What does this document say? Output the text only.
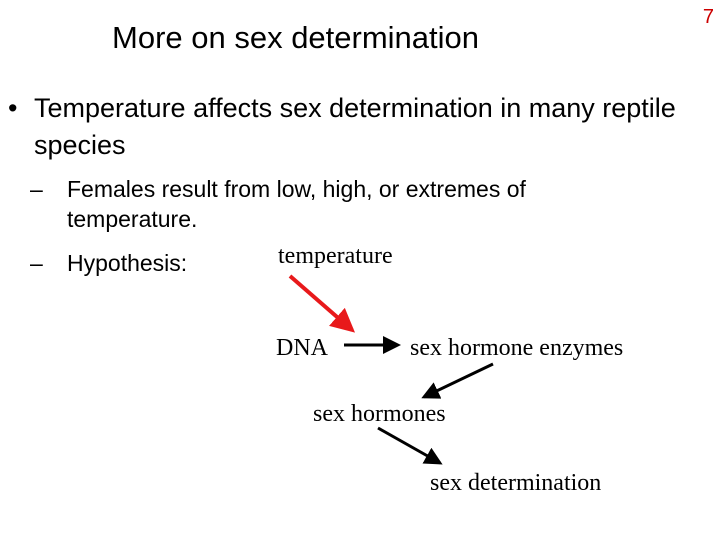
More on sex determination
7
• Temperature affects sex determination in many reptile species
– Females result from low, high, or extremes of temperature.
– Hypothesis:	temperature
DNA	sex hormone enzymes
sex hormones
sex determination
